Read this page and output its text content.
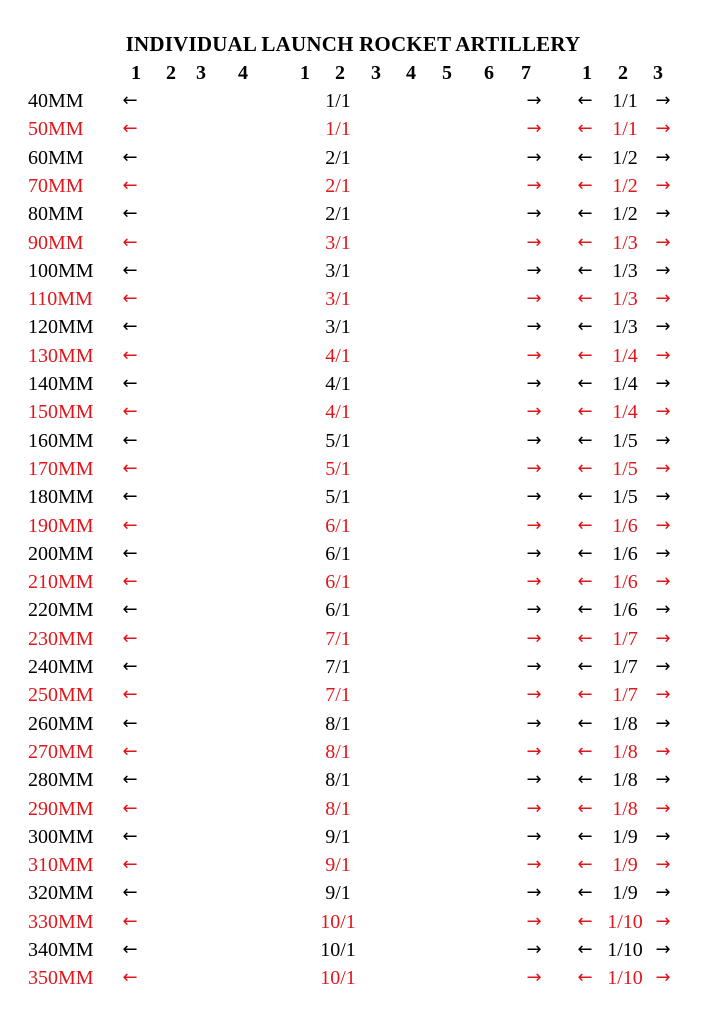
INDIVIDUAL LAUNCH ROCKET ARTILLERY
1 2 3 4	1 2 3 4 5 6 7	1 2 3
40MM ←	1/1	→ ← 1/1 →
50MM ←	1/1	→ ← 1/1 →
60MM ←	2/1	→ ← 1/2 →
70MM ←	2/1	→ ← 1/2 →
80MM ←	2/1	→ ← 1/2 →
90MM ←	3/1	→ ← 1/3 →
100MM ←	3/1	→ ← 1/3 →
110MM ←	3/1	→ ← 1/3 →
120MM ←	3/1	→ ← 1/3 →
130MM ←	4/1	→ ← 1/4 →
140MM ←	4/1	→ ← 1/4 →
150MM ←	4/1	→ ← 1/4 →
160MM ←	5/1	→ ← 1/5 →
170MM ←	5/1	→ ← 1/5 →
180MM ←	5/1	→ ← 1/5 →
190MM ←	6/1	→ ← 1/6 →
200MM ←	6/1	→ ← 1/6 →
210MM ←	6/1	→ ← 1/6 →
220MM ←	6/1	→ ← 1/6 →
230MM ←	7/1	→ ← 1/7 →
240MM ←	7/1	→ ← 1/7 →
250MM ←	7/1	→ ← 1/7 →
260MM ←	8/1	→ ← 1/8 →
270MM ←	8/1	→ ← 1/8 →
280MM ←	8/1	→ ← 1/8 →
290MM ←	8/1	→ ← 1/8 →
300MM ←	9/1	→ ← 1/9 →
310MM ←	9/1	→ ← 1/9 →
320MM ←	9/1	→ ← 1/9 →
330MM ←	10/1	→ ← 1/10 →
340MM ←	10/1	→ ← 1/10 →
350MM ←	10/1	→ ← 1/10 →
